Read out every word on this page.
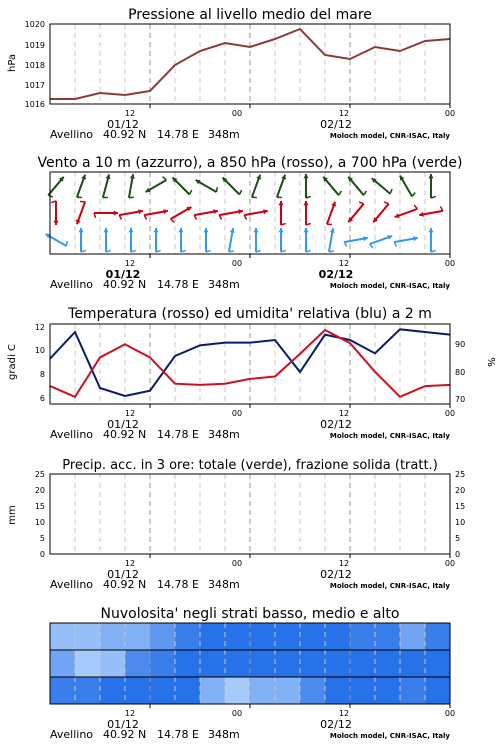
Pressione al livello medio del mare
hPa
1020
1019
1018
1017
1016
Vento a 10 m (azzurro), a 850 hPa (rosso), a 700 hPa (verde)
Temperatura (rosso) ed umidita' relativa (blu) a 2 m
gradi C	%
12
10
8
6
90
80
70
Precip. acc. in 3 ore: totale (verde), frazione solida (tratt.)
mm
25	25
20	20
15	15
10	10
5	5
0	0
Nuvolosita' negli strati basso, medio e alto
12	00	12	00
01/12	02/12
Avellino 40.92 N 14.78 E 348m	Moloch model, CNR-ISAC, Italy
12	00	12	00
01/12	02/12
Avellino 40.92 N 14.78 E 348m	Moloch model, CNR-ISAC, Italy
12	00	12	00
01/12	02/12
Avellino 40.92 N 14.78 E 348m	Moloch model, CNR-ISAC, Italy
12	00	12	00
01/12	02/12
Avellino 40.92 N 14.78 E 348m	Moloch model, CNR-ISAC, Italy
12	00	12	00
01/12	02/12
Avellino 40.92 N 14.78 E 348m	Moloch model, CNR-ISAC, Italy
